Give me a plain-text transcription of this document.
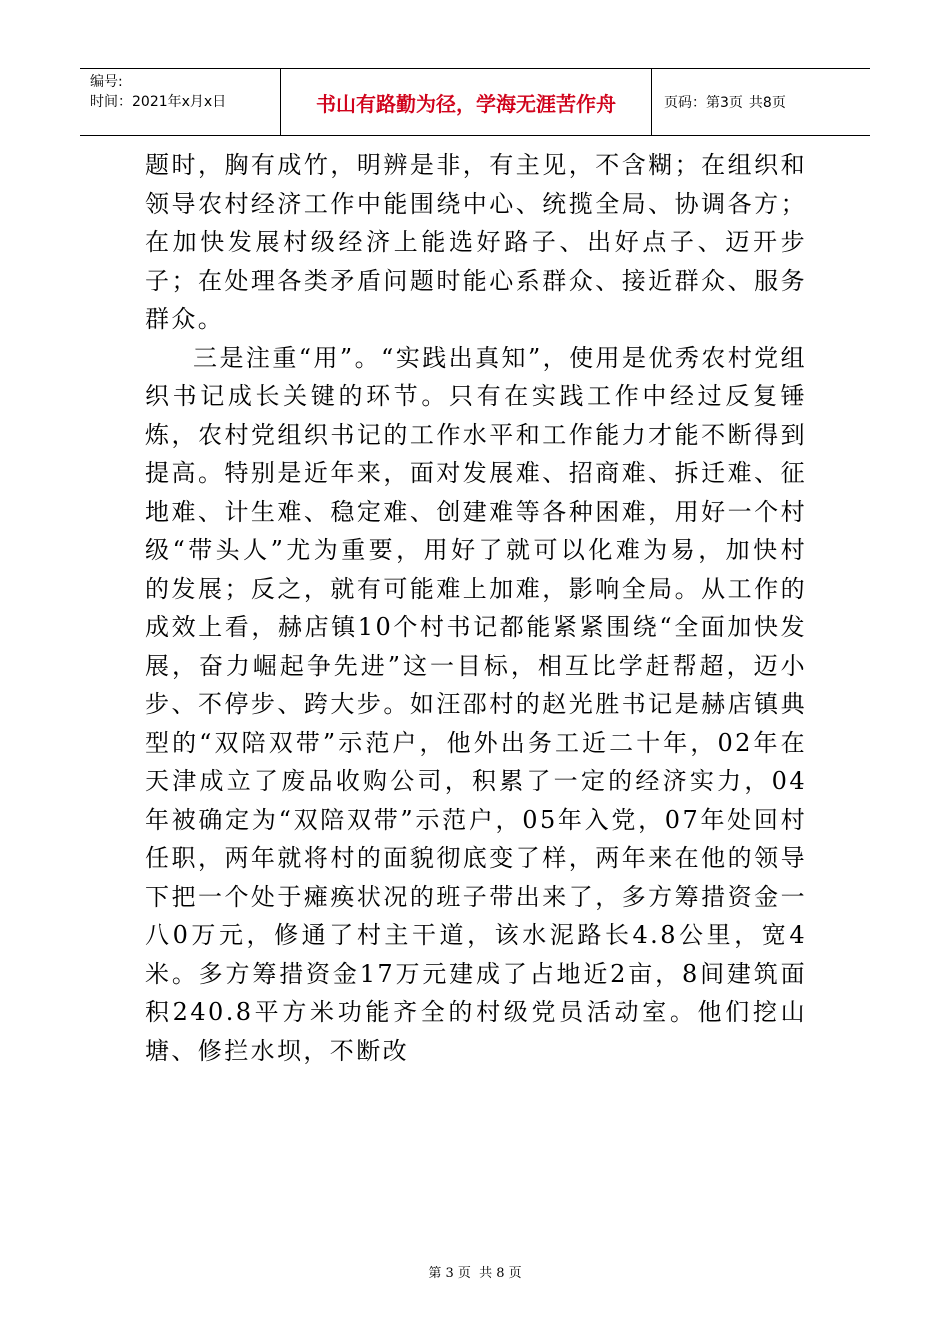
编号:
时间：2021年x月x日	书山有路勤为径，学海无涯苦作舟	页码：第3页 共8页

题时，胸有成竹，明辨是非，有主见，不含糊；在组织和领导农村经济工作中能围绕中心、统揽全局、协调各方；在加快发展村级经济上能选好路子、出好点子、迈开步子；在处理各类矛盾问题时能心系群众、接近群众、服务群众。

三是注重“用”。“实践出真知”，使用是优秀农村党组织书记成长关键的环节。只有在实践工作中经过反复锤炼，农村党组织书记的工作水平和工作能力才能不断得到提高。特别是近年来，面对发展难、招商难、拆迁难、征地难、计生难、稳定难、创建难等各种困难，用好一个村级“带头人”尤为重要，用好了就可以化难为易，加快村的发展；反之，就有可能难上加难，影响全局。从工作的成效上看，赫店镇10个村书记都能紧紧围绕“全面加快发展，奋力崛起争先进”这一目标，相互比学赶帮超，迈小步、不停步、跨大步。如汪邵村的赵光胜书记是赫店镇典型的“双陪双带”示范户，他外出务工近二十年，02年在天津成立了废品收购公司，积累了一定的经济实力，04年被确定为“双陪双带”示范户，05年入党，07年处回村任职，两年就将村的面貌彻底变了样，两年来在他的领导下把一个处于瘫痪状况的班子带出来了，多方筹措资金一八0万元，修通了村主干道，该水泥路长4.8公里，宽4米。多方筹措资金17万元建成了占地近2亩，8间建筑面积240.8平方米功能齐全的村级党员活动室。他们挖山塘、修拦水坝，不断改

第 3 页 共 8 页
